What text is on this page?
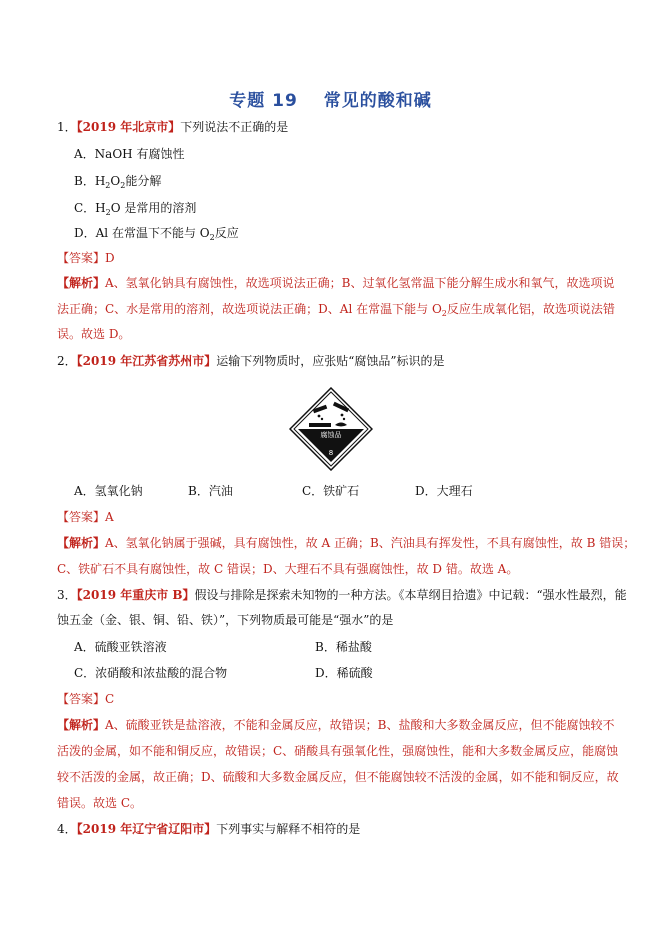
专题 19 常见的酸和碱
1．【2019 年北京市】下列说法不正确的是
A．NaOH 有腐蚀性
B．$H_2O_2$能分解
C．$H_2O$ 是常用的溶剂
D．Al 在常温下不能与 $O_2$反应
【答案】D
【解析】A、氢氧化钠具有腐蚀性，故选项说法正确；B、过氧化氢常温下能分解生成水和氧气，故选项说
法正确；C、水是常用的溶剂，故选项说法正确；D、Al 在常温下能与 $O_2$反应生成氧化铝，故选项说法错
误。故选 D。
2．【2019 年江苏省苏州市】运输下列物质时，应张贴“腐蚀品”标识的是
腐蚀品
8
A．氢氧化钠	B．汽油	C．铁矿石	D．大理石
【答案】A
【解析】A、氢氧化钠属于强碱，具有腐蚀性，故 A 正确；B、汽油具有挥发性，不具有腐蚀性，故 B 错误；
C、铁矿石不具有腐蚀性，故 C 错误；D、大理石不具有强腐蚀性，故 D 错。故选 A。
3．【2019 年重庆市 B】假设与排除是探索未知物的一种方法。《本草纲目拾遗》中记载：“强水性最烈，能
蚀五金（金、银、铜、铅、铁）”，下列物质最可能是“强水”的是
A．硫酸亚铁溶液	B．稀盐酸
C．浓硝酸和浓盐酸的混合物	D．稀硫酸
【答案】C
【解析】A、硫酸亚铁是盐溶液，不能和金属反应，故错误；B、盐酸和大多数金属反应，但不能腐蚀较不
活泼的金属，如不能和铜反应，故错误；C、硝酸具有强氧化性，强腐蚀性，能和大多数金属反应，能腐蚀
较不活泼的金属，故正确；D、硫酸和大多数金属反应，但不能腐蚀较不活泼的金属，如不能和铜反应，故
错误。故选 C。
4．【2019 年辽宁省辽阳市】下列事实与解释不相符的是
